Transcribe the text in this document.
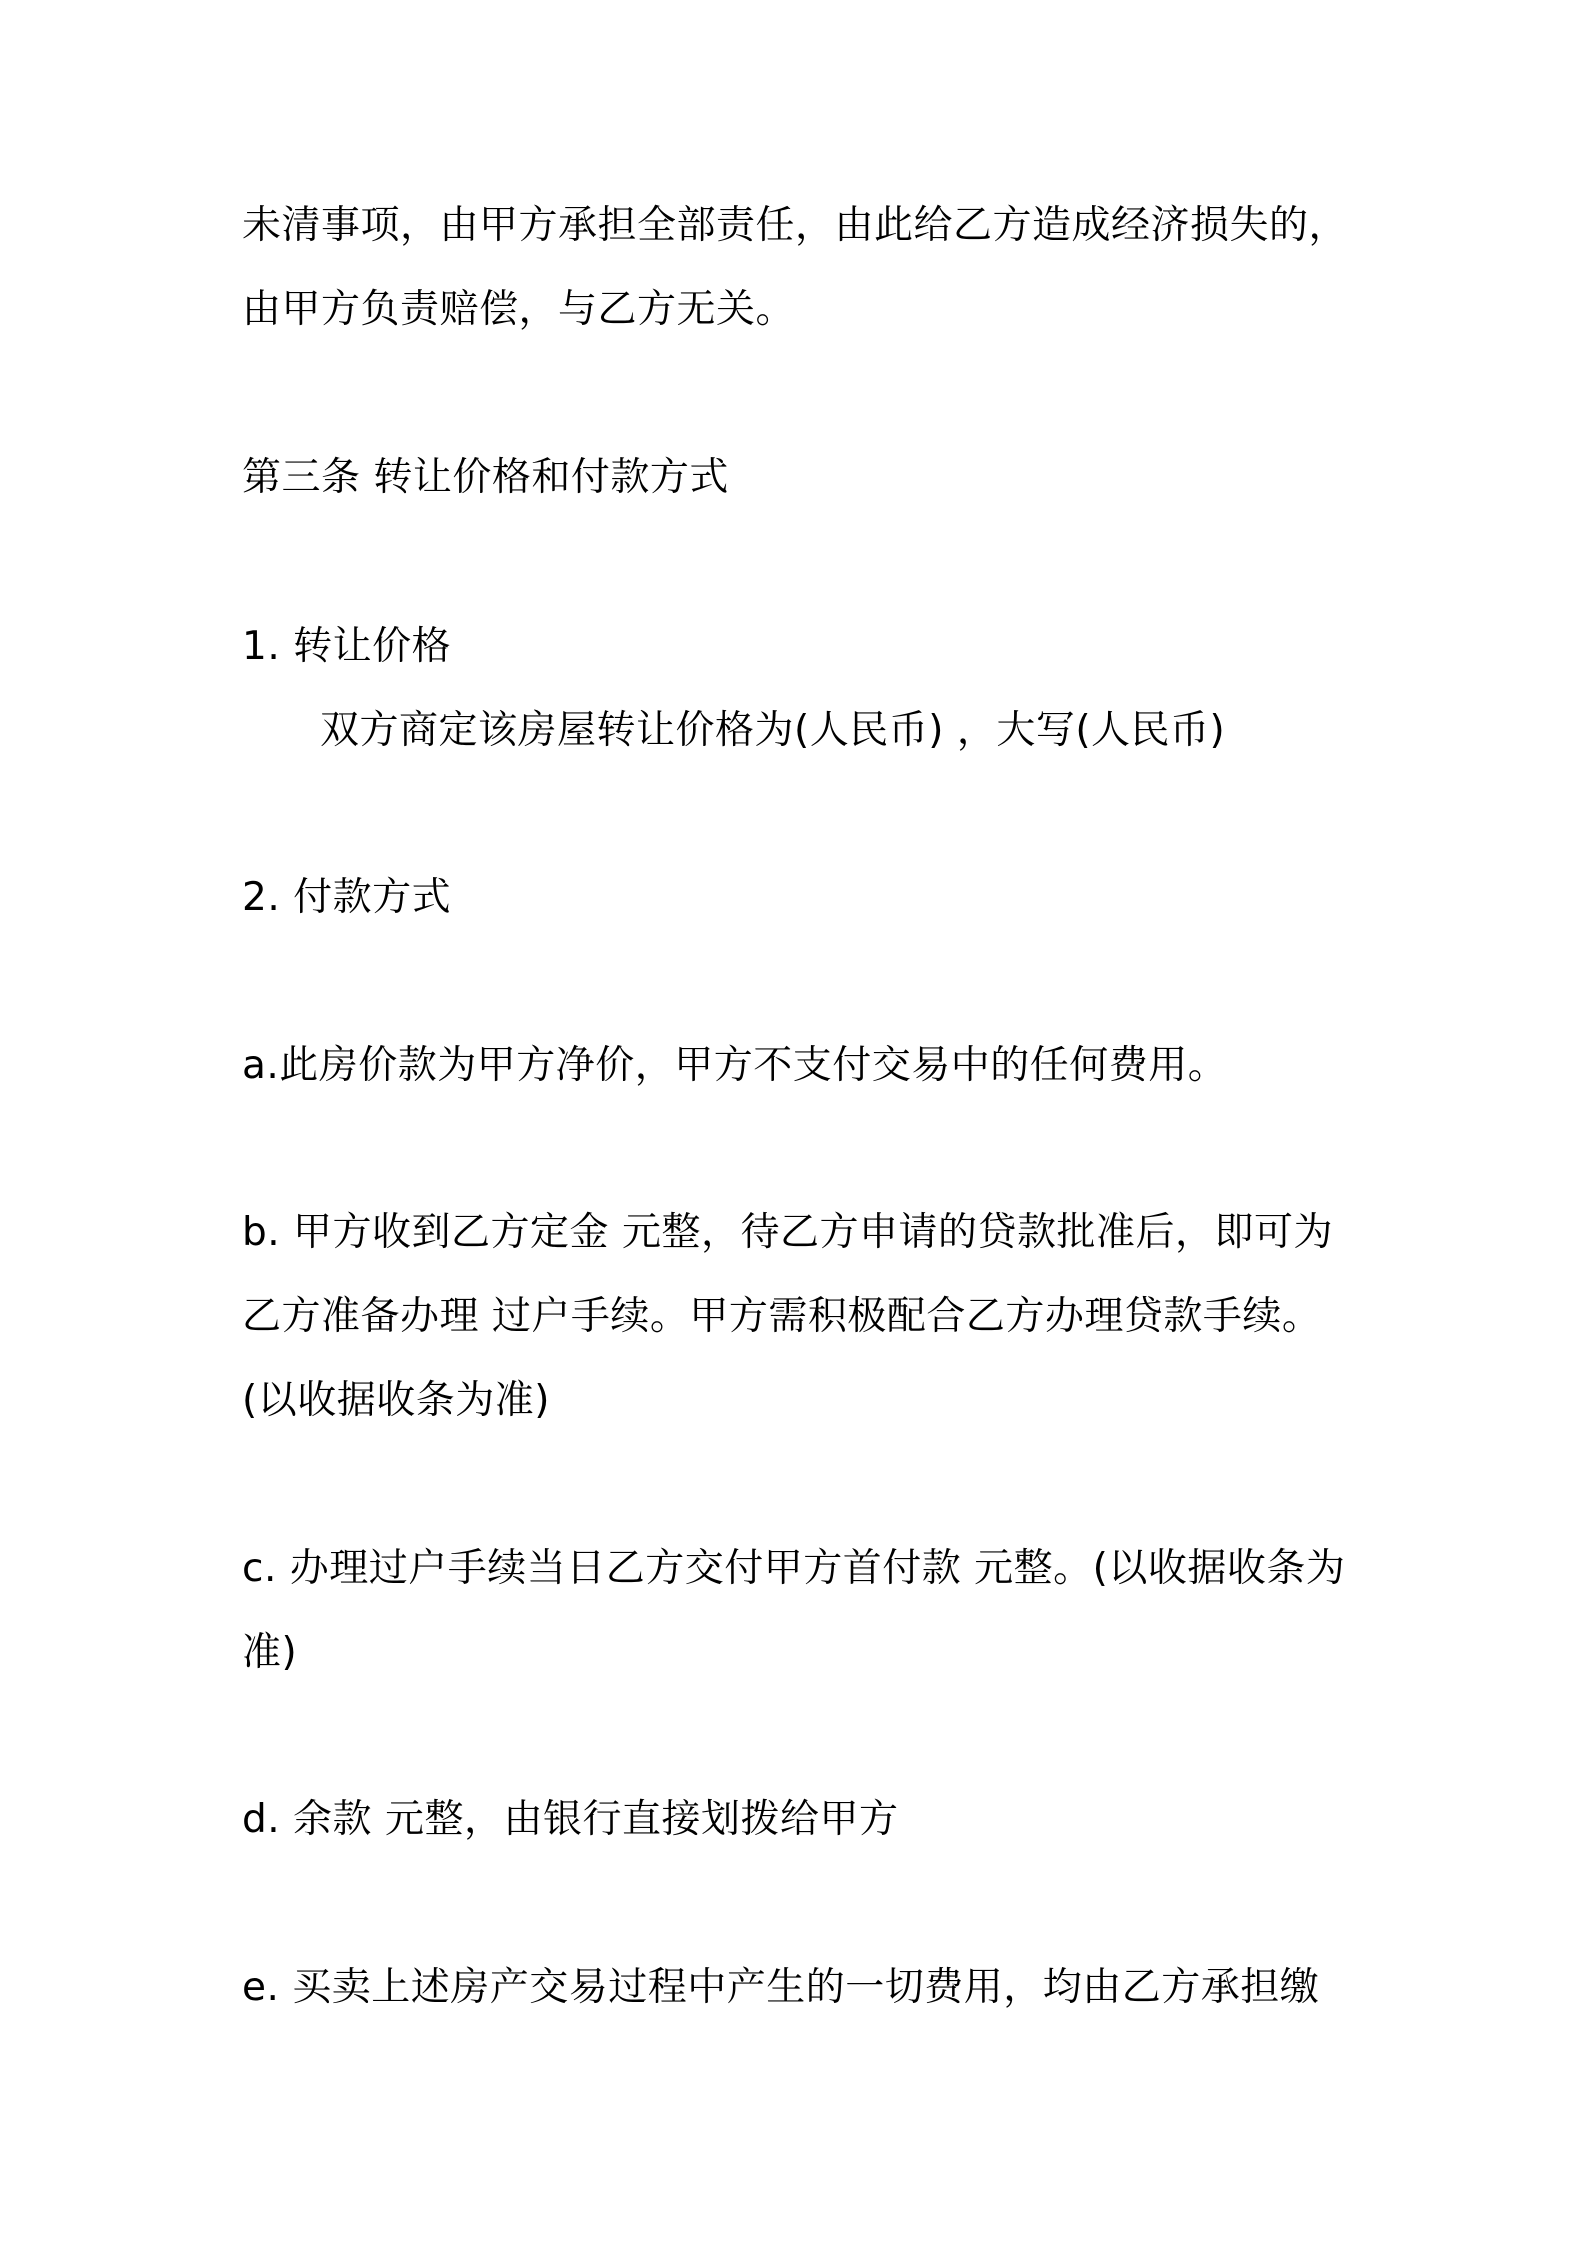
未清事项，由甲方承担全部责任，由此给乙方造成经济损失的，
由甲方负责赔偿，与乙方无关。
第三条 转让价格和付款方式
1. 转让价格
双方商定该房屋转让价格为(人民币) ，大写(人民币)
2. 付款方式
a.此房价款为甲方净价，甲方不支付交易中的任何费用。
b. 甲方收到乙方定金 元整，待乙方申请的贷款批准后，即可为
乙方准备办理 过户手续。甲方需积极配合乙方办理贷款手续。
(以收据收条为准)
c. 办理过户手续当日乙方交付甲方首付款 元整。(以收据收条为
准)
d. 余款 元整，由银行直接划拨给甲方
e. 买卖上述房产交易过程中产生的一切费用，均由乙方承担缴
